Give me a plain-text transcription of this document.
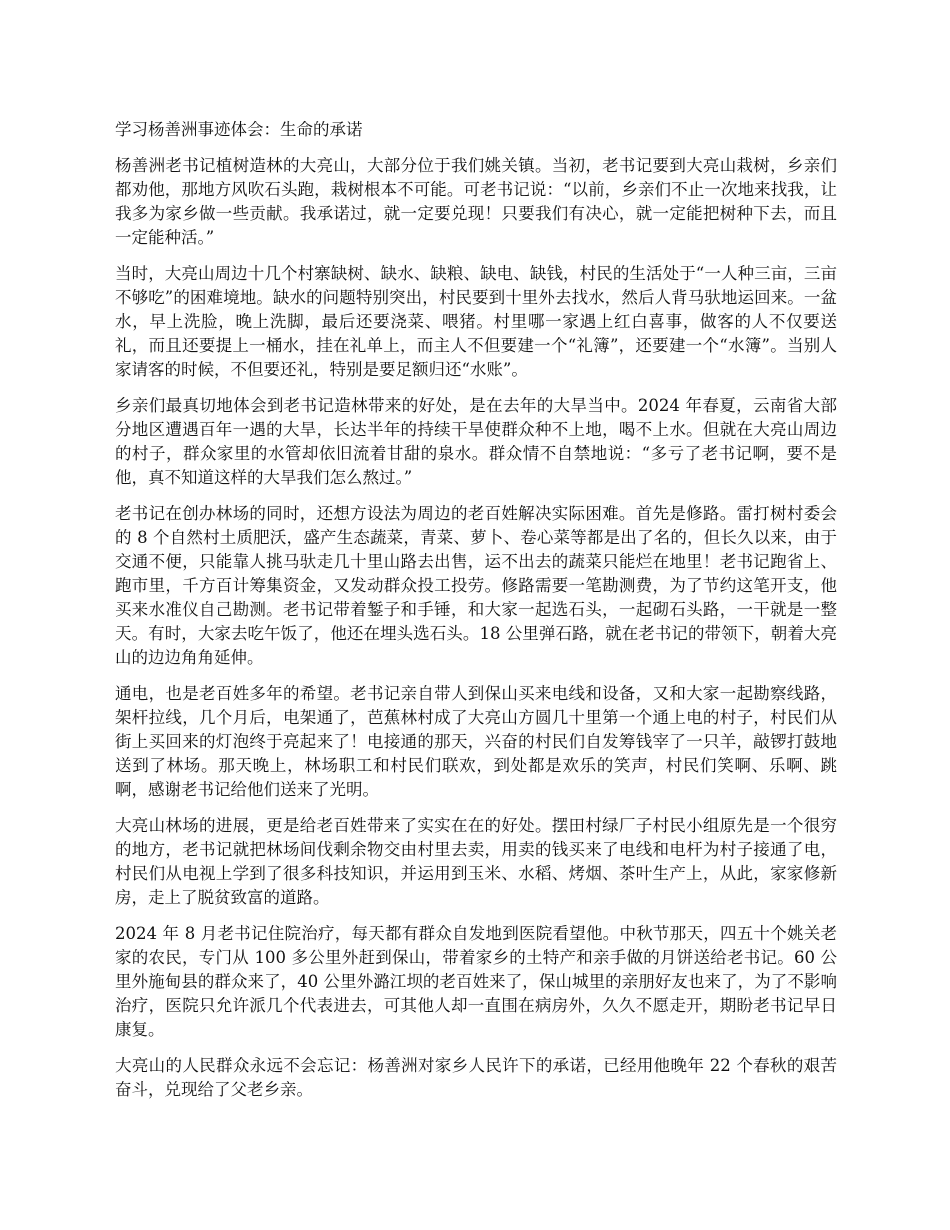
学习杨善洲事迹体会：生命的承诺

杨善洲老书记植树造林的大亮山，大部分位于我们姚关镇。当初，老书记要到大亮山栽树，乡亲们都劝他，那地方风吹石头跑，栽树根本不可能。可老书记说：“以前，乡亲们不止一次地来找我，让我多为家乡做一些贡献。我承诺过，就一定要兑现！只要我们有决心，就一定能把树种下去，而且一定能种活。”

当时，大亮山周边十几个村寨缺树、缺水、缺粮、缺电、缺钱，村民的生活处于“一人种三亩，三亩不够吃”的困难境地。缺水的问题特别突出，村民要到十里外去找水，然后人背马驮地运回来。一盆水，早上洗脸，晚上洗脚，最后还要浇菜、喂猪。村里哪一家遇上红白喜事，做客的人不仅要送礼，而且还要提上一桶水，挂在礼单上，而主人不但要建一个“礼簿”，还要建一个“水簿”。当别人家请客的时候，不但要还礼，特别是要足额归还“水账”。

乡亲们最真切地体会到老书记造林带来的好处，是在去年的大旱当中。2024 年春夏，云南省大部分地区遭遇百年一遇的大旱，长达半年的持续干旱使群众种不上地，喝不上水。但就在大亮山周边的村子，群众家里的水管却依旧流着甘甜的泉水。群众情不自禁地说：“多亏了老书记啊，要不是他，真不知道这样的大旱我们怎么熬过。”

老书记在创办林场的同时，还想方设法为周边的老百姓解决实际困难。首先是修路。雷打树村委会的 8 个自然村土质肥沃，盛产生态蔬菜，青菜、萝卜、卷心菜等都是出了名的，但长久以来，由于交通不便，只能靠人挑马驮走几十里山路去出售，运不出去的蔬菜只能烂在地里！老书记跑省上、跑市里，千方百计筹集资金，又发动群众投工投劳。修路需要一笔勘测费，为了节约这笔开支，他买来水准仪自己勘测。老书记带着錾子和手锤，和大家一起选石头，一起砌石头路，一干就是一整天。有时，大家去吃午饭了，他还在埋头选石头。18 公里弹石路，就在老书记的带领下，朝着大亮山的边边角角延伸。

通电，也是老百姓多年的希望。老书记亲自带人到保山买来电线和设备，又和大家一起勘察线路，架杆拉线，几个月后，电架通了，芭蕉林村成了大亮山方圆几十里第一个通上电的村子，村民们从街上买回来的灯泡终于亮起来了！电接通的那天，兴奋的村民们自发筹钱宰了一只羊，敲锣打鼓地送到了林场。那天晚上，林场职工和村民们联欢，到处都是欢乐的笑声，村民们笑啊、乐啊、跳啊，感谢老书记给他们送来了光明。

大亮山林场的进展，更是给老百姓带来了实实在在的好处。摆田村绿厂子村民小组原先是一个很穷的地方，老书记就把林场间伐剩余物交由村里去卖，用卖的钱买来了电线和电杆为村子接通了电，村民们从电视上学到了很多科技知识，并运用到玉米、水稻、烤烟、茶叶生产上，从此，家家修新房，走上了脱贫致富的道路。

2024 年 8 月老书记住院治疗，每天都有群众自发地到医院看望他。中秋节那天，四五十个姚关老家的农民，专门从 100 多公里外赶到保山，带着家乡的土特产和亲手做的月饼送给老书记。60 公里外施甸县的群众来了，40 公里外潞江坝的老百姓来了，保山城里的亲朋好友也来了，为了不影响治疗，医院只允许派几个代表进去，可其他人却一直围在病房外，久久不愿走开，期盼老书记早日康复。

大亮山的人民群众永远不会忘记：杨善洲对家乡人民许下的承诺，已经用他晚年 22 个春秋的艰苦奋斗，兑现给了父老乡亲。
